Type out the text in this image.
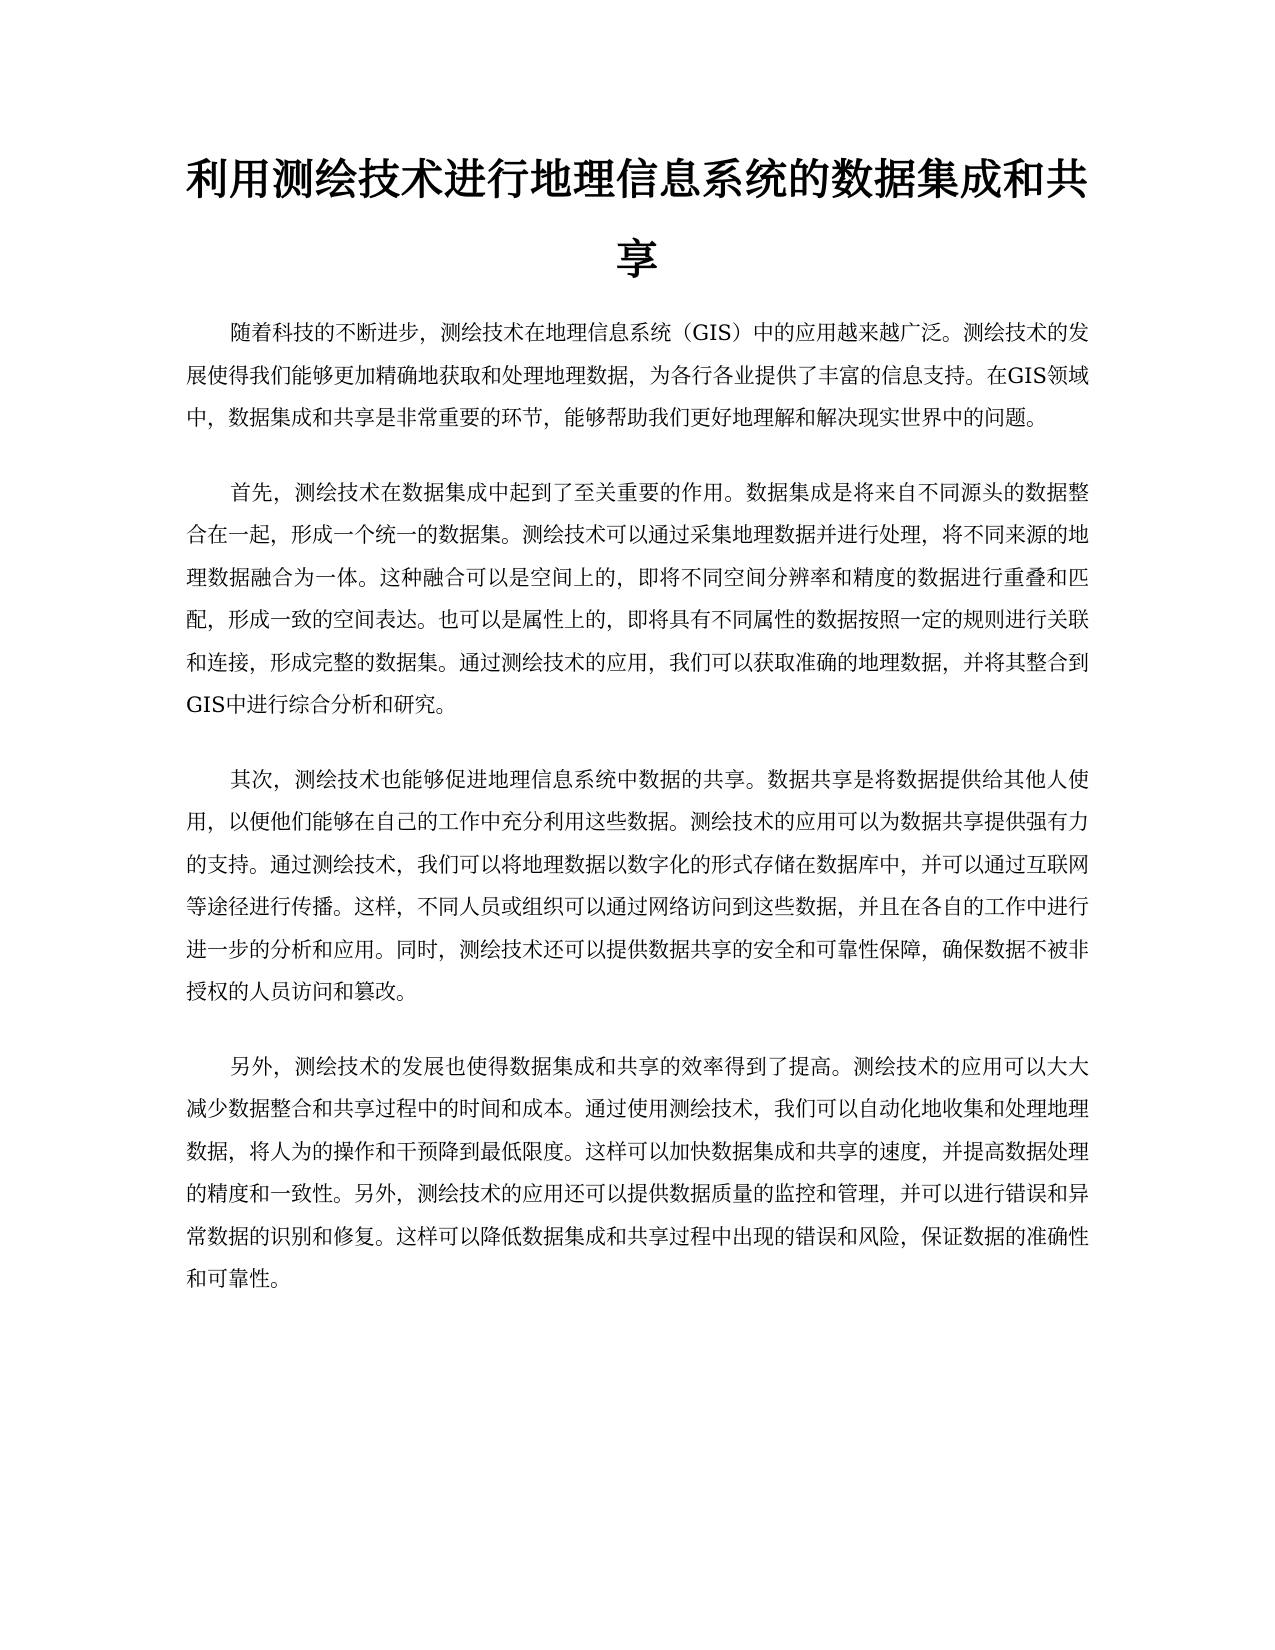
利用测绘技术进行地理信息系统的数据集成和共享

随着科技的不断进步，测绘技术在地理信息系统（GIS）中的应用越来越广泛。测绘技术的发展使得我们能够更加精确地获取和处理地理数据，为各行各业提供了丰富的信息支持。在GIS领域中，数据集成和共享是非常重要的环节，能够帮助我们更好地理解和解决现实世界中的问题。

首先，测绘技术在数据集成中起到了至关重要的作用。数据集成是将来自不同源头的数据整合在一起，形成一个统一的数据集。测绘技术可以通过采集地理数据并进行处理，将不同来源的地理数据融合为一体。这种融合可以是空间上的，即将不同空间分辨率和精度的数据进行重叠和匹配，形成一致的空间表达。也可以是属性上的，即将具有不同属性的数据按照一定的规则进行关联和连接，形成完整的数据集。通过测绘技术的应用，我们可以获取准确的地理数据，并将其整合到GIS中进行综合分析和研究。

其次，测绘技术也能够促进地理信息系统中数据的共享。数据共享是将数据提供给其他人使用，以便他们能够在自己的工作中充分利用这些数据。测绘技术的应用可以为数据共享提供强有力的支持。通过测绘技术，我们可以将地理数据以数字化的形式存储在数据库中，并可以通过互联网等途径进行传播。这样，不同人员或组织可以通过网络访问到这些数据，并且在各自的工作中进行进一步的分析和应用。同时，测绘技术还可以提供数据共享的安全和可靠性保障，确保数据不被非授权的人员访问和篡改。

另外，测绘技术的发展也使得数据集成和共享的效率得到了提高。测绘技术的应用可以大大减少数据整合和共享过程中的时间和成本。通过使用测绘技术，我们可以自动化地收集和处理地理数据，将人为的操作和干预降到最低限度。这样可以加快数据集成和共享的速度，并提高数据处理的精度和一致性。另外，测绘技术的应用还可以提供数据质量的监控和管理，并可以进行错误和异常数据的识别和修复。这样可以降低数据集成和共享过程中出现的错误和风险，保证数据的准确性和可靠性。
